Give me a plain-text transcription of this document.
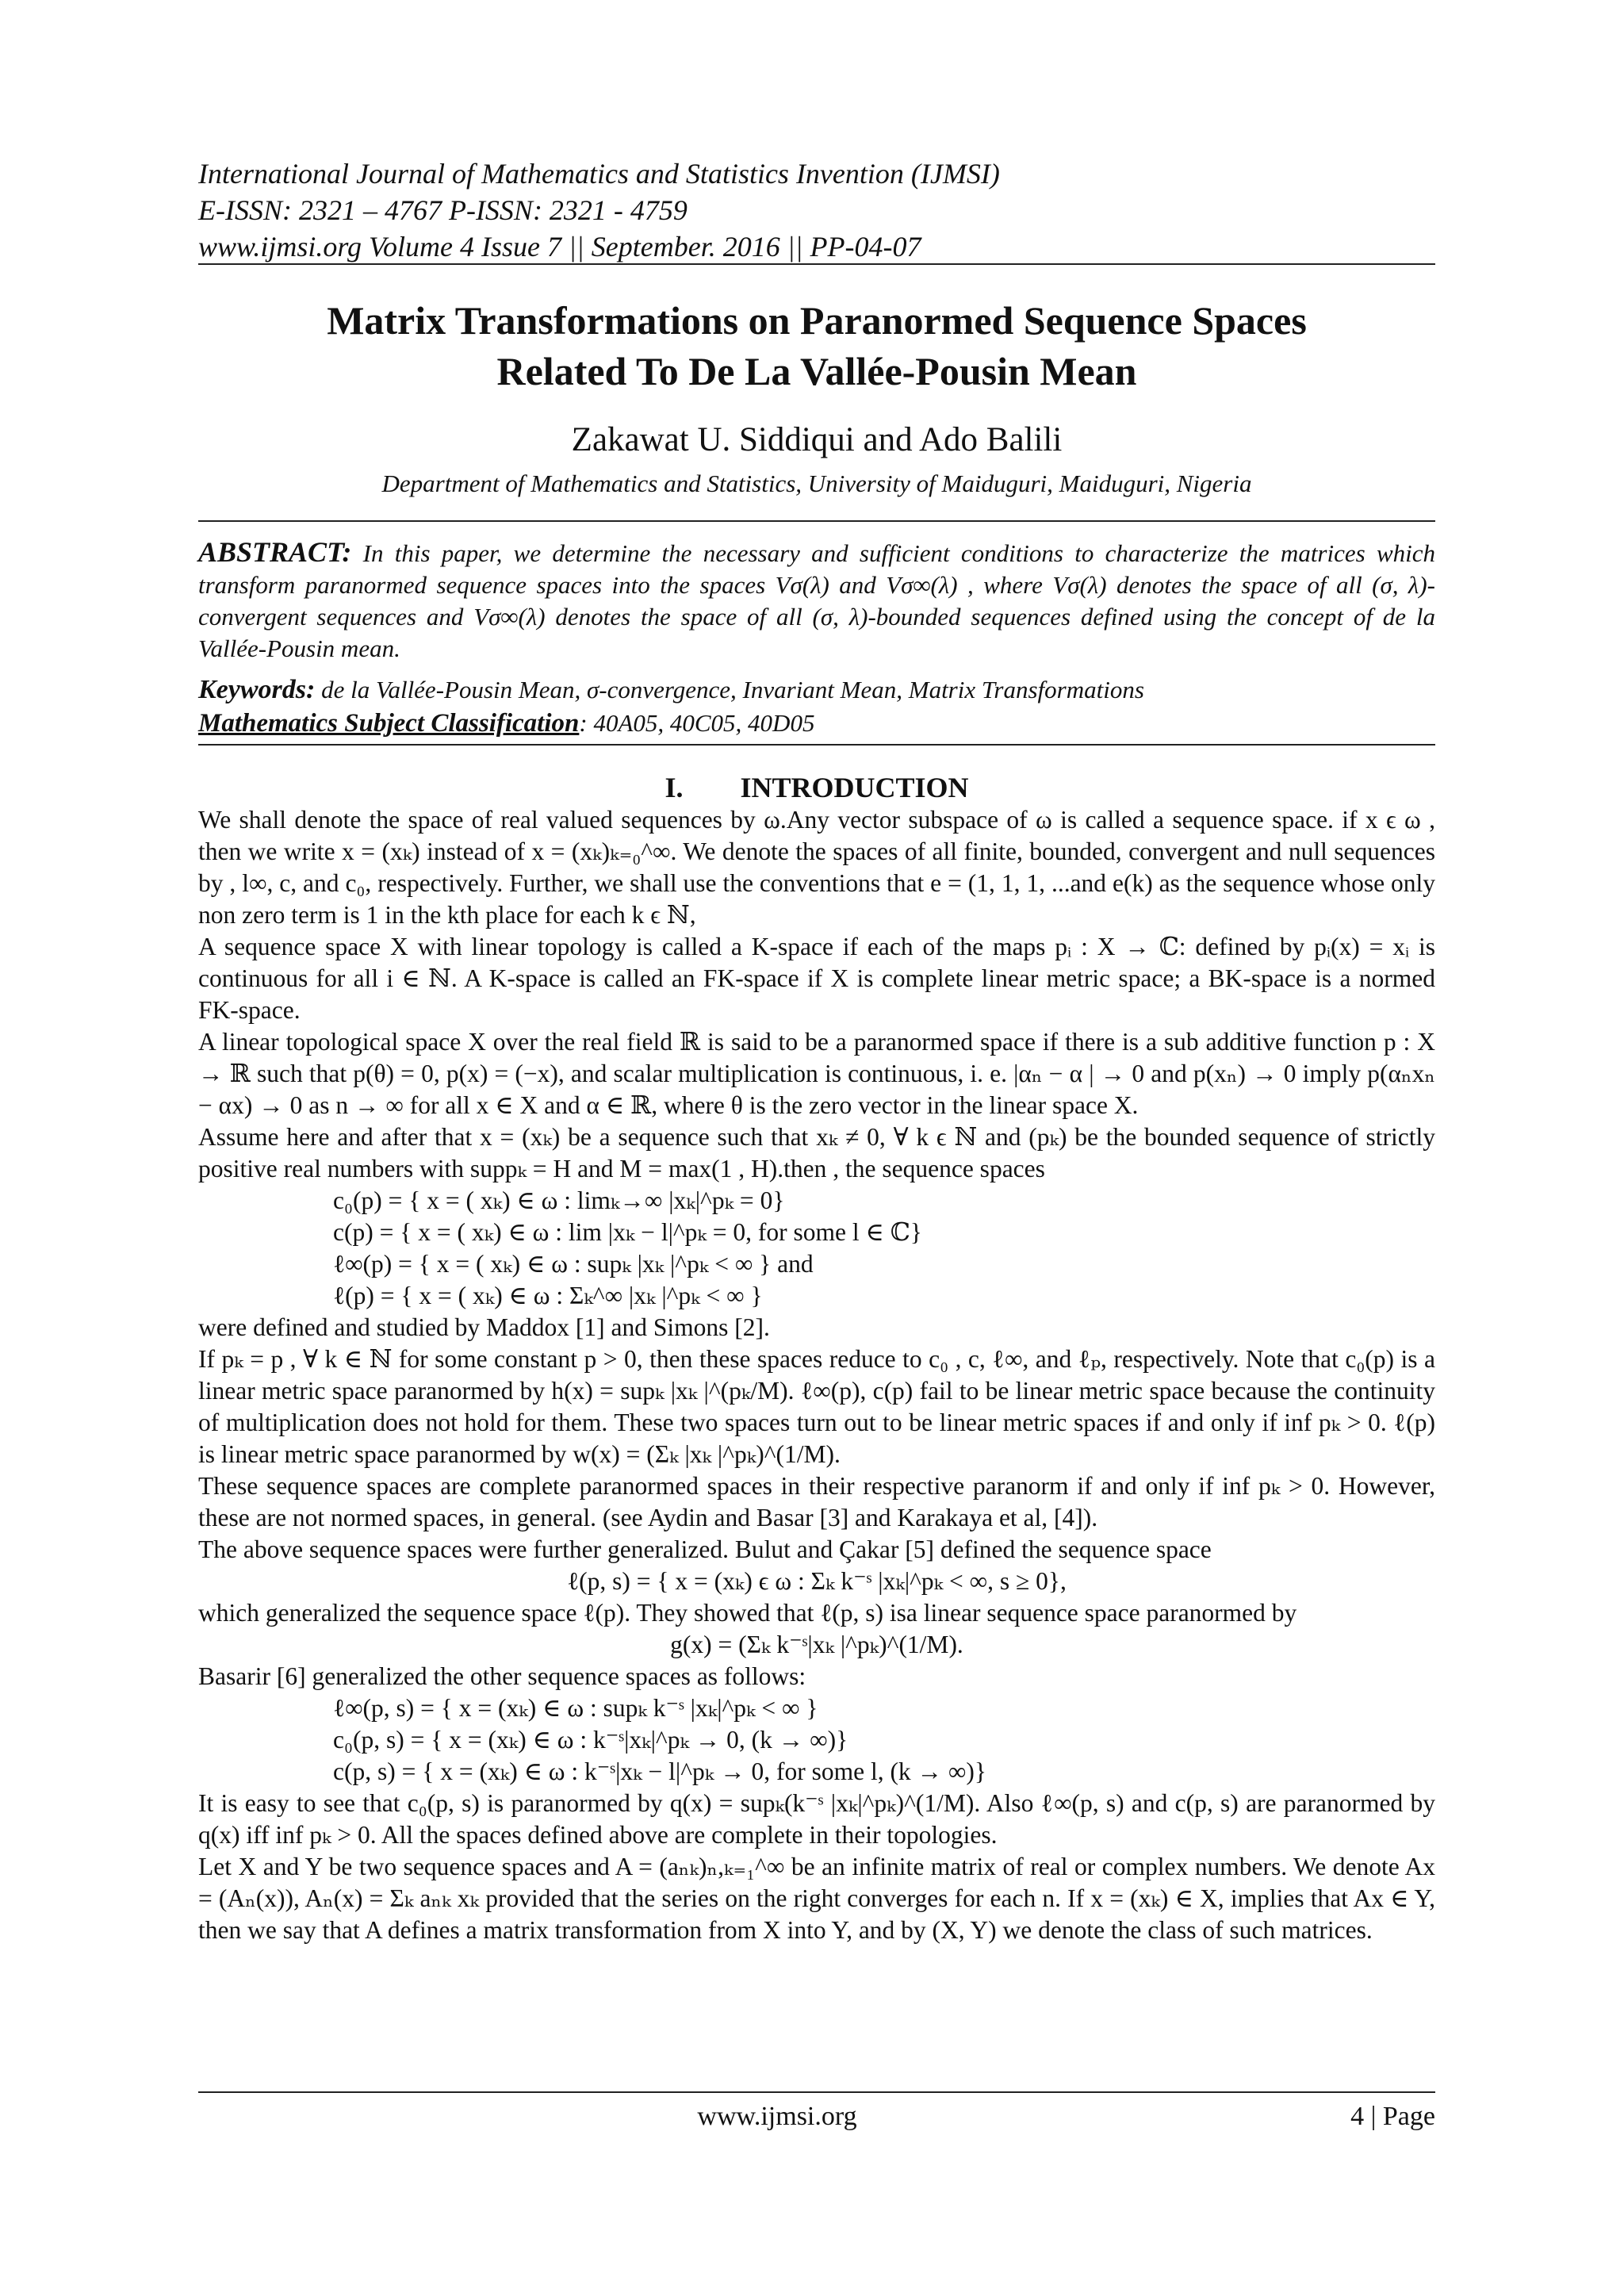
International Journal of Mathematics and Statistics Invention (IJMSI)
E-ISSN: 2321 – 4767 P-ISSN: 2321 - 4759
www.ijmsi.org Volume 4 Issue 7 || September. 2016 || PP-04-07
Matrix Transformations on Paranormed Sequence Spaces
Related To De La Vallée-Pousin Mean
Zakawat U. Siddiqui and Ado Balili
Department of Mathematics and Statistics, University of Maiduguri, Maiduguri, Nigeria
ABSTRACT: In this paper, we determine the necessary and sufficient conditions to characterize the matrices which transform paranormed sequence spaces into the spaces Vσ(λ) and Vσ∞(λ) , where Vσ(λ) denotes the space of all (σ, λ)-convergent sequences and Vσ∞(λ) denotes the space of all (σ, λ)-bounded sequences defined using the concept of de la Vallée-Pousin mean.
Keywords: de la Vallée-Pousin Mean, σ-convergence, Invariant Mean, Matrix Transformations
Mathematics Subject Classification: 40A05, 40C05, 40D05
I. INTRODUCTION

We shall denote the space of real valued sequences by ω.Any vector subspace of ω is called a sequence space. if x ϵ ω , then we write x = (xₖ) instead of x = (xₖ)ₖ₌₀^∞. We denote the spaces of all finite, bounded, convergent and null sequences by , l∞, c, and c₀, respectively. Further, we shall use the conventions that e = (1, 1, 1, ...and e(k) as the sequence whose only non zero term is 1 in the kth place for each k ϵ ℕ,

A sequence space X with linear topology is called a K-space if each of the maps pᵢ : X → ℂ: defined by pᵢ(x) = xᵢ is continuous for all i ∈ ℕ. A K-space is called an FK-space if X is complete linear metric space; a BK-space is a normed FK-space.

A linear topological space X over the real field ℝ is said to be a paranormed space if there is a sub additive function p : X → ℝ such that p(θ) = 0, p(x) = (−x), and scalar multiplication is continuous, i. e. |αₙ − α | → 0 and p(xₙ) → 0 imply p(αₙxₙ − αx) → 0 as n → ∞ for all x ∈ X and α ∈ ℝ, where θ is the zero vector in the linear space X.

Assume here and after that x = (xₖ) be a sequence such that xₖ ≠ 0, ∀ k ϵ ℕ and (pₖ) be the bounded sequence of strictly positive real numbers with suppₖ = H and M = max(1 , H).then , the sequence spaces

c₀(p) = { x = ( xₖ) ∈ ω : limₖ→∞ |xₖ|^pₖ = 0}

c(p) = { x = ( xₖ) ∈ ω : lim |xₖ − l|^pₖ = 0, for some l ∈ ℂ}

ℓ∞(p) = { x = ( xₖ) ∈ ω : supₖ |xₖ |^pₖ < ∞ } and

ℓ(p) = { x = ( xₖ) ∈ ω : Σₖ^∞ |xₖ |^pₖ < ∞ }

were defined and studied by Maddox [1] and Simons [2].

If pₖ = p , ∀ k ∈ ℕ for some constant p > 0, then these spaces reduce to c₀ , c, ℓ∞, and ℓₚ, respectively. Note that c₀(p) is a linear metric space paranormed by h(x) = supₖ |xₖ |^(pₖ/M). ℓ∞(p), c(p) fail to be linear metric space because the continuity of multiplication does not hold for them. These two spaces turn out to be linear metric spaces if and only if inf pₖ > 0. ℓ(p) is linear metric space paranormed by w(x) = (Σₖ |xₖ |^pₖ)^(1/M).

These sequence spaces are complete paranormed spaces in their respective paranorm if and only if inf pₖ > 0. However, these are not normed spaces, in general. (see Aydin and Basar [3] and Karakaya et al, [4]).

The above sequence spaces were further generalized. Bulut and Çakar [5] defined the sequence space

ℓ(p, s) = { x = (xₖ) ϵ ω : Σₖ k⁻ˢ |xₖ|^pₖ < ∞, s ≥ 0},

which generalized the sequence space ℓ(p). They showed that ℓ(p, s) isa linear sequence space paranormed by

g(x) = (Σₖ k⁻ˢ|xₖ |^pₖ)^(1/M).

Basarir [6] generalized the other sequence spaces as follows:

ℓ∞(p, s) = { x = (xₖ) ∈ ω : supₖ k⁻ˢ |xₖ|^pₖ < ∞ }

c₀(p, s) = { x = (xₖ) ∈ ω : k⁻ˢ|xₖ|^pₖ → 0, (k → ∞)}

c(p, s) = { x = (xₖ) ∈ ω : k⁻ˢ|xₖ − l|^pₖ → 0, for some l, (k → ∞)}

It is easy to see that c₀(p, s) is paranormed by q(x) = supₖ(k⁻ˢ |xₖ|^pₖ)^(1/M). Also ℓ∞(p, s) and c(p, s) are paranormed by q(x) iff inf pₖ > 0. All the spaces defined above are complete in their topologies.

Let X and Y be two sequence spaces and A = (aₙₖ)ₙ,ₖ₌₁^∞ be an infinite matrix of real or complex numbers. We denote Ax = (Aₙ(x)), Aₙ(x) = Σₖ aₙₖ xₖ provided that the series on the right converges for each n. If x = (xₖ) ∈ X, implies that Ax ∈ Y, then we say that A defines a matrix transformation from X into Y, and by (X, Y) we denote the class of such matrices.

www.ijmsi.org	4 | Page
